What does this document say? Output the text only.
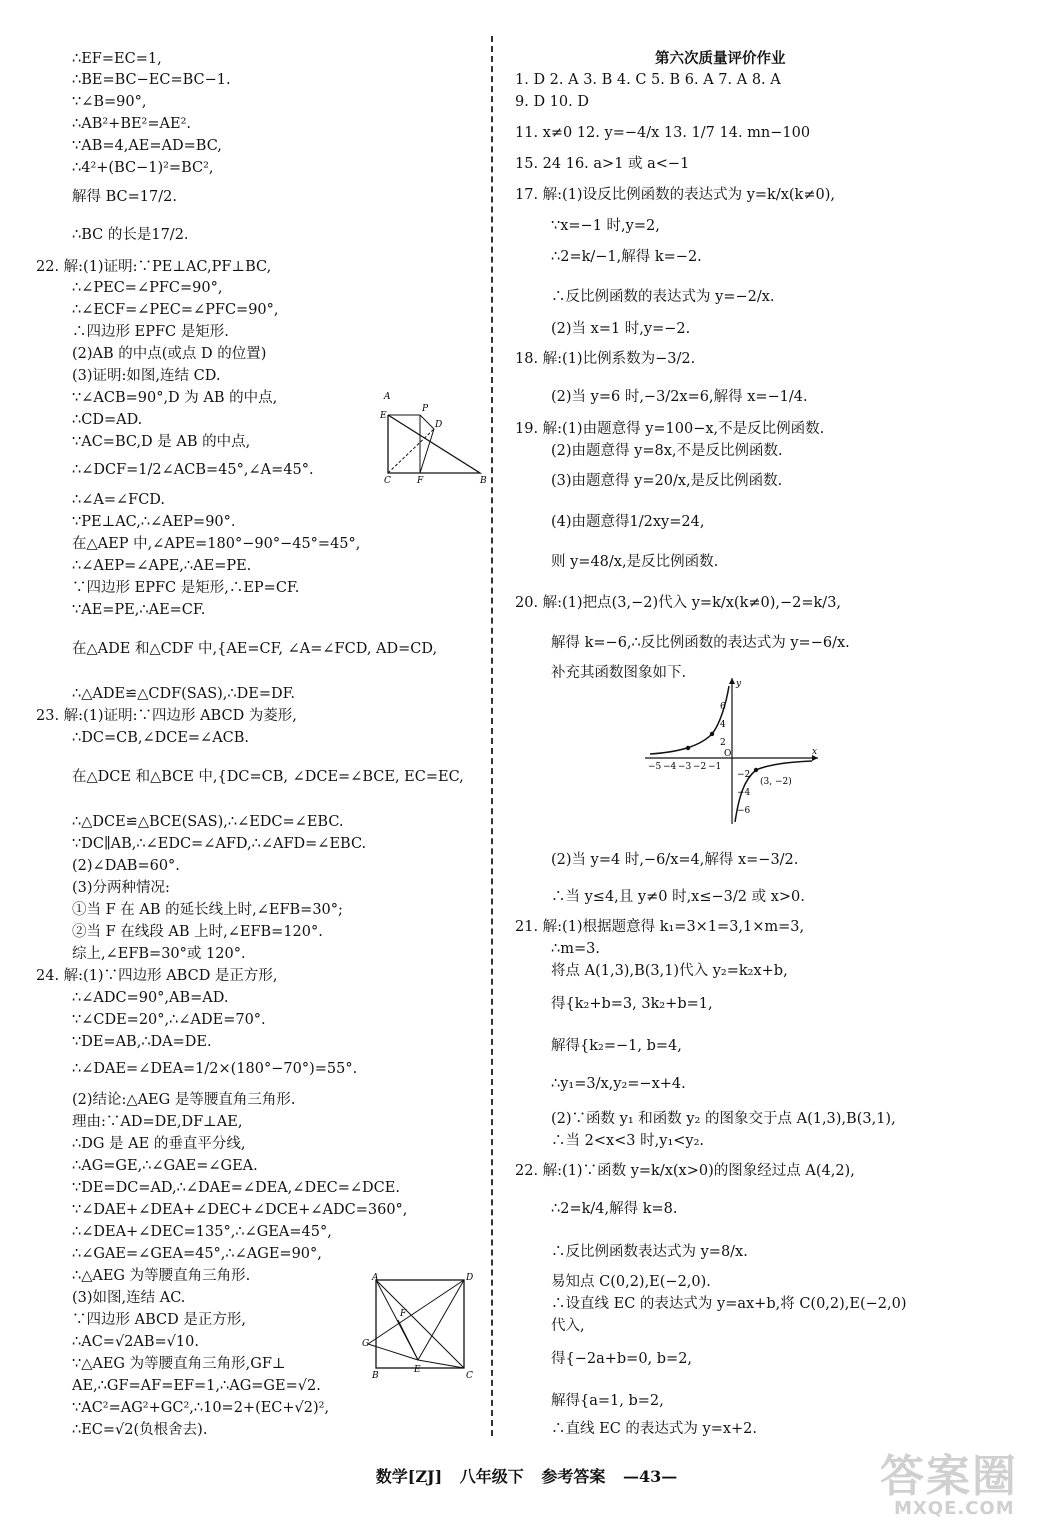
∴EF=EC=1,
∴BE=BC−EC=BC−1.
∵∠B=90°,
∴AB²+BE²=AE².
∵AB=4,AE=AD=BC,
∴4²+(BC−1)²=BC²,
解得 BC=17/2.
∴BC 的长是17/2.
22. 解:(1)证明:∵PE⊥AC,PF⊥BC,
∴∠PEC=∠PFC=90°,
∴∠ECF=∠PEC=∠PFC=90°,
∴四边形 EPFC 是矩形.
(2)AB 的中点(或点 D 的位置)
(3)证明:如图,连结 CD.
∵∠ACB=90°,D 为 AB 的中点,
∴CD=AD.
∵AC=BC,D 是 AB 的中点,
∴∠DCF=1/2∠ACB=45°,∠A=45°.
∴∠A=∠FCD.
∵PE⊥AC,∴∠AEP=90°.
在△AEP 中,∠APE=180°−90°−45°=45°,
∴∠AEP=∠APE,∴AE=PE.
∵四边形 EPFC 是矩形,∴EP=CF.
∵AE=PE,∴AE=CF.
在△ADE 和△CDF 中,{AE=CF, ∠A=∠FCD, AD=CD,
∴△ADE≌△CDF(SAS),∴DE=DF.
23. 解:(1)证明:∵四边形 ABCD 为菱形,
∴DC=CB,∠DCE=∠ACB.
在△DCE 和△BCE 中,{DC=CB, ∠DCE=∠BCE, EC=EC,
∴△DCE≌△BCE(SAS),∴∠EDC=∠EBC.
∵DC∥AB,∴∠EDC=∠AFD,∴∠AFD=∠EBC.
(2)∠DAB=60°.
(3)分两种情况:
①当 F 在 AB 的延长线上时,∠EFB=30°;
②当 F 在线段 AB 上时,∠EFB=120°.
综上,∠EFB=30°或 120°.
24. 解:(1)∵四边形 ABCD 是正方形,
∴∠ADC=90°,AB=AD.
∵∠CDE=20°,∴∠ADE=70°.
∵DE=AB,∴DA=DE.
∴∠DAE=∠DEA=1/2×(180°−70°)=55°.
(2)结论:△AEG 是等腰直角三角形.
理由:∵AD=DE,DF⊥AE,
∴DG 是 AE 的垂直平分线,
∴AG=GE,∴∠GAE=∠GEA.
∵DE=DC=AD,∴∠DAE=∠DEA,∠DEC=∠DCE.
∵∠DAE+∠DEA+∠DEC+∠DCE+∠ADC=360°,
∴∠DEA+∠DEC=135°,∴∠GEA=45°,
∴∠GAE=∠GEA=45°,∴∠AGE=90°,
∴△AEG 为等腰直角三角形.
(3)如图,连结 AC.
∵四边形 ABCD 是正方形,
∴AC=√2AB=√10.
∵△AEG 为等腰直角三角形,GF⊥
AE,∴GF=AF=EF=1,∴AG=GE=√2.
∵AC²=AG²+GC²,∴10=2+(EC+√2)²,
∴EC=√2(负根舍去).
第六次质量评价作业
1. D 2. A 3. B 4. C 5. B 6. A 7. A 8. A
9. D 10. D
11. x≠0 12. y=−4/x 13. 1/7 14. mn−100
15. 24 16. a>1 或 a<−1
17. 解:(1)设反比例函数的表达式为 y=k/x(k≠0),
∵x=−1 时,y=2,
∴2=k/−1,解得 k=−2.
∴反比例函数的表达式为 y=−2/x.
(2)当 x=1 时,y=−2.
18. 解:(1)比例系数为−3/2.
(2)当 y=6 时,−3/2x=6,解得 x=−1/4.
19. 解:(1)由题意得 y=100−x,不是反比例函数.
(2)由题意得 y=8x,不是反比例函数.
(3)由题意得 y=20/x,是反比例函数.
(4)由题意得1/2xy=24,
则 y=48/x,是反比例函数.
20. 解:(1)把点(3,−2)代入 y=k/x(k≠0),−2=k/3,
解得 k=−6,∴反比例函数的表达式为 y=−6/x.
补充其函数图象如下.
(2)当 y=4 时,−6/x=4,解得 x=−3/2.
∴当 y≤4,且 y≠0 时,x≤−3/2 或 x>0.
21. 解:(1)根据题意得 k₁=3×1=3,1×m=3,
∴m=3.
将点 A(1,3),B(3,1)代入 y₂=k₂x+b,
得{k₂+b=3, 3k₂+b=1,
解得{k₂=−1, b=4,
∴y₁=3/x,y₂=−x+4.
(2)∵函数 y₁ 和函数 y₂ 的图象交于点 A(1,3),B(3,1),
∴当 2<x<3 时,y₁<y₂.
22. 解:(1)∵函数 y=k/x(x>0)的图象经过点 A(4,2),
∴2=k/4,解得 k=8.
∴反比例函数表达式为 y=8/x.
易知点 C(0,2),E(−2,0).
∴设直线 EC 的表达式为 y=ax+b,将 C(0,2),E(−2,0)
代入,
得{−2a+b=0, b=2,
解得{a=1, b=2,
∴直线 EC 的表达式为 y=x+2.
E
P
D
A
C	F	B
A	D
G
F
E
B	C
−5 −4 −3 −2 −1
O	x
y
6
4
2
−2
−4
−6
(3, −2)
数学[ZJ] 八年级下 参考答案 —43—	答案圈
MXQE.COM
